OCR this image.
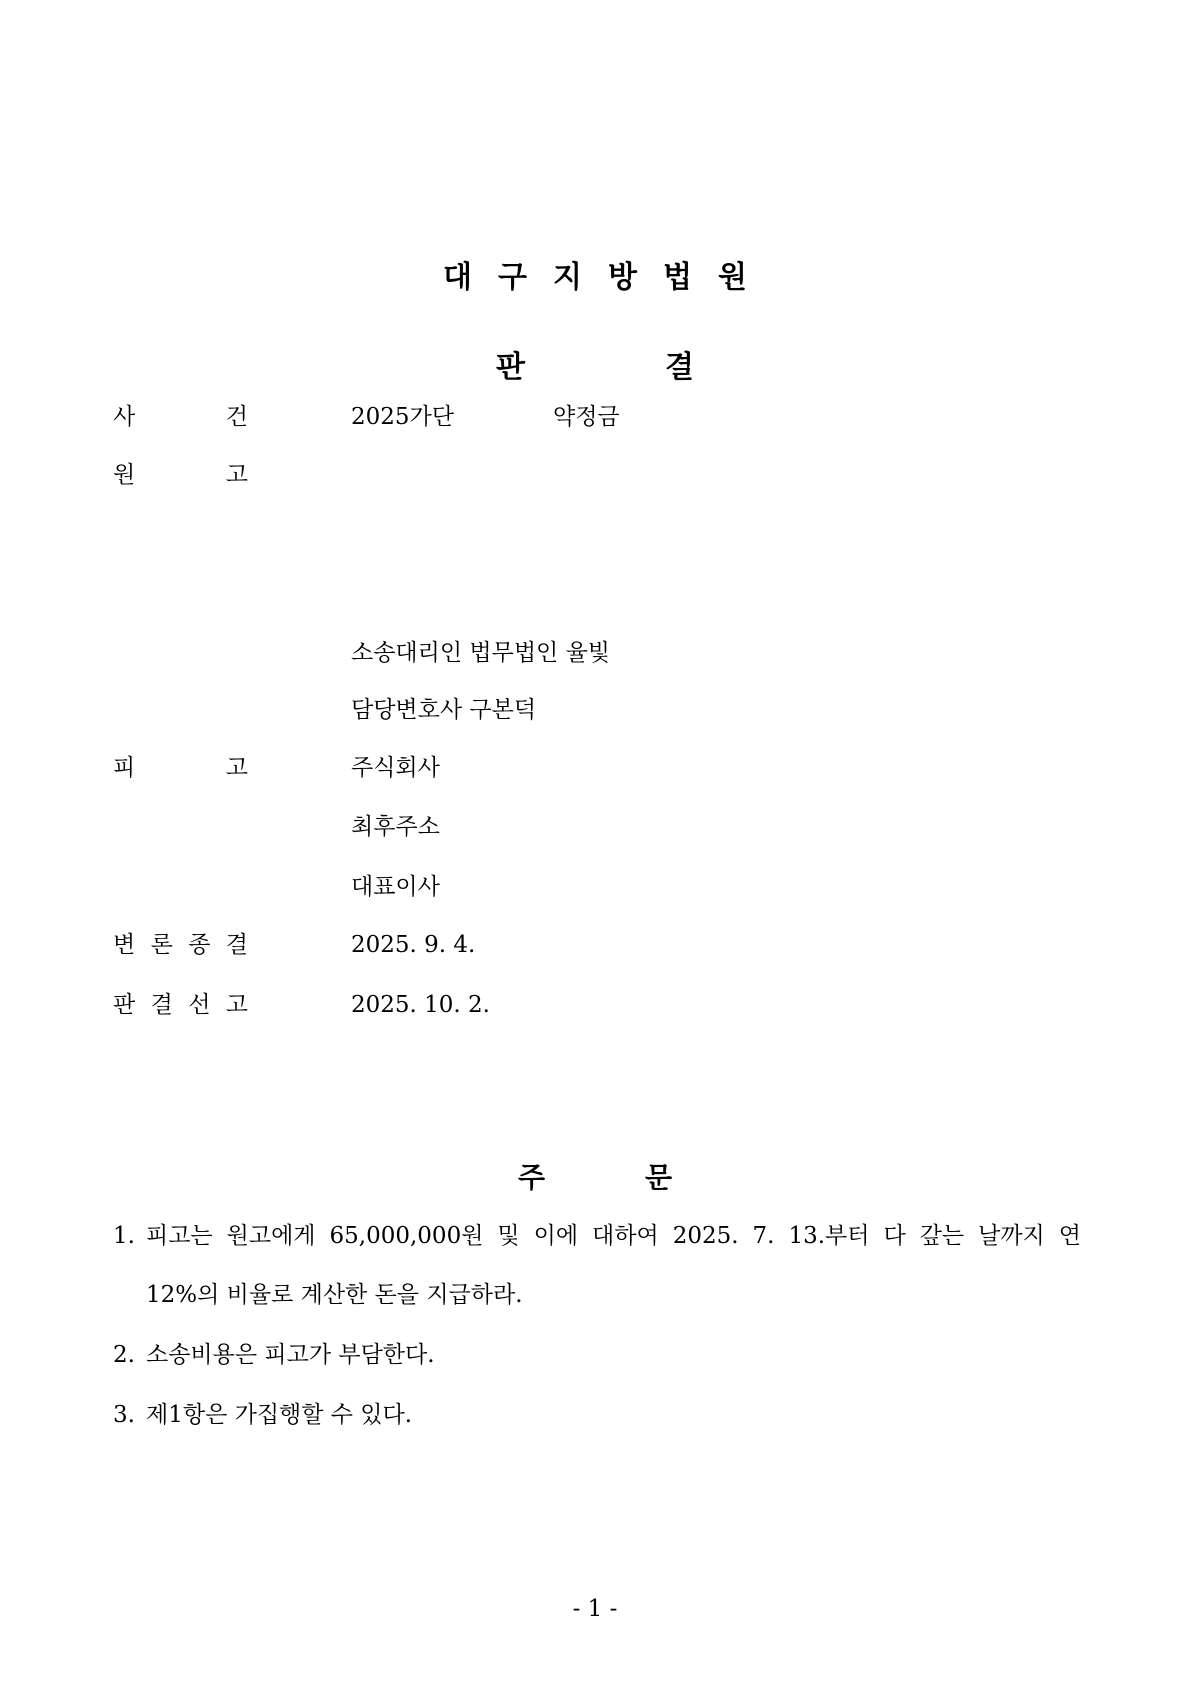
대구지방법원
판	결
사	건	2025가단	약정금
원	고
소송대리인 법무법인 율빛
담당변호사 구본덕
피	고	주식회사
최후주소
대표이사
변 론 종 결	2025. 9. 4.
판 결 선 고	2025. 10. 2.
주	문
1. 피고는 원고에게 65,000,000원 및 이에 대하여 2025. 7. 13.부터 다 갚는 날까지 연
12%의 비율로 계산한 돈을 지급하라.
2. 소송비용은 피고가 부담한다.
3. 제1항은 가집행할 수 있다.
- 1 -
